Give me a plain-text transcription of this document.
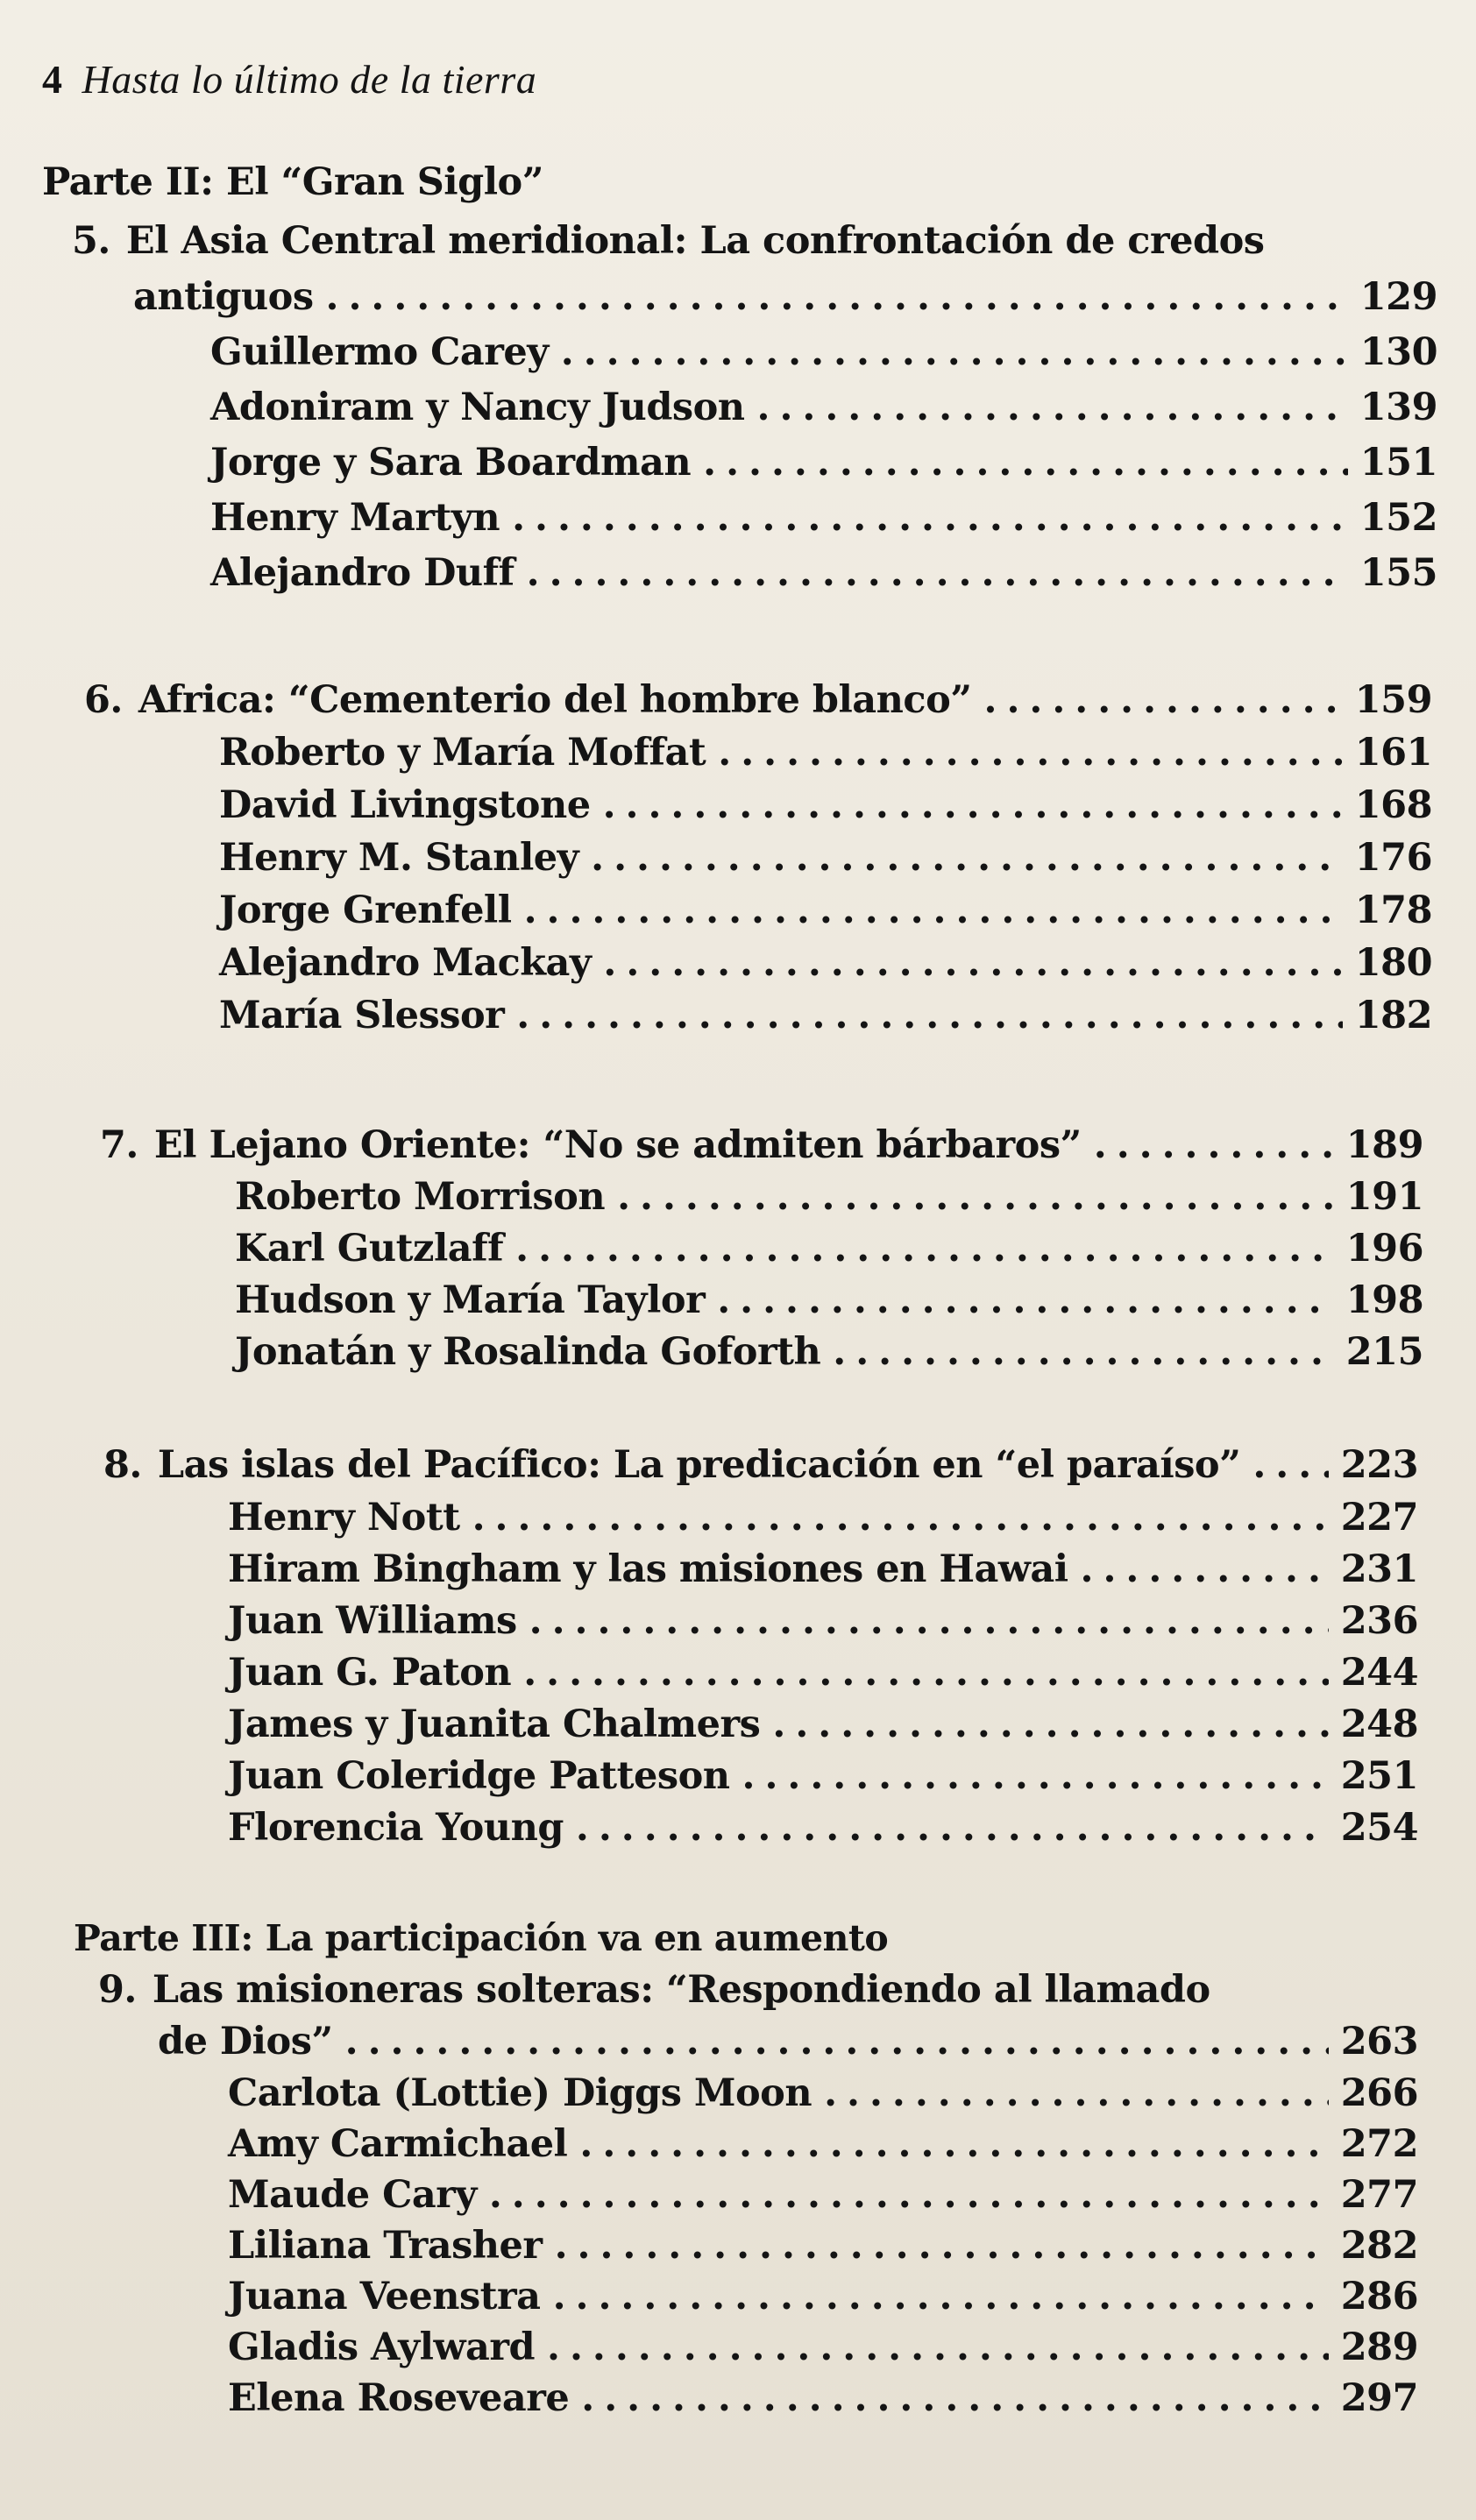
4 Hasta lo último de la tierra
Parte II: El “Gran Siglo”
5. El Asia Central meridional: La confrontación de credos
antiguos . . .	129
Guillermo Carey . . .	130
Adoniram y Nancy Judson . . .	139
Jorge y Sara Boardman . . .	151
Henry Martyn . . .	152
Alejandro Duff . . .	155
6. Africa: “Cementerio del hombre blanco” . . .	159
Roberto y María Moffat . . .	161
David Livingstone . . .	168
Henry M. Stanley . . .	176
Jorge Grenfell . . .	178
Alejandro Mackay . . .	180
María Slessor . . .	182
7. El Lejano Oriente: “No se admiten bárbaros” . . .	189
Roberto Morrison . . .	191
Karl Gutzlaff . . .	196
Hudson y María Taylor . . .	198
Jonatán y Rosalinda Goforth . . .	215
8. Las islas del Pacífico: La predicación en “el paraíso” . . .	223
Henry Nott . . .	227
Hiram Bingham y las misiones en Hawai . . .	231
Juan Williams . . .	236
Juan G. Paton . . .	244
James y Juanita Chalmers . . .	248
Juan Coleridge Patteson . . .	251
Florencia Young . . .	254
Parte III: La participación va en aumento
9. Las misioneras solteras: “Respondiendo al llamado
de Dios” . . .	263
Carlota (Lottie) Diggs Moon . . .	266
Amy Carmichael . . .	272
Maude Cary . . .	277
Liliana Trasher . . .	282
Juana Veenstra . . .	286
Gladis Aylward . . .	289
Elena Roseveare . . .	297
